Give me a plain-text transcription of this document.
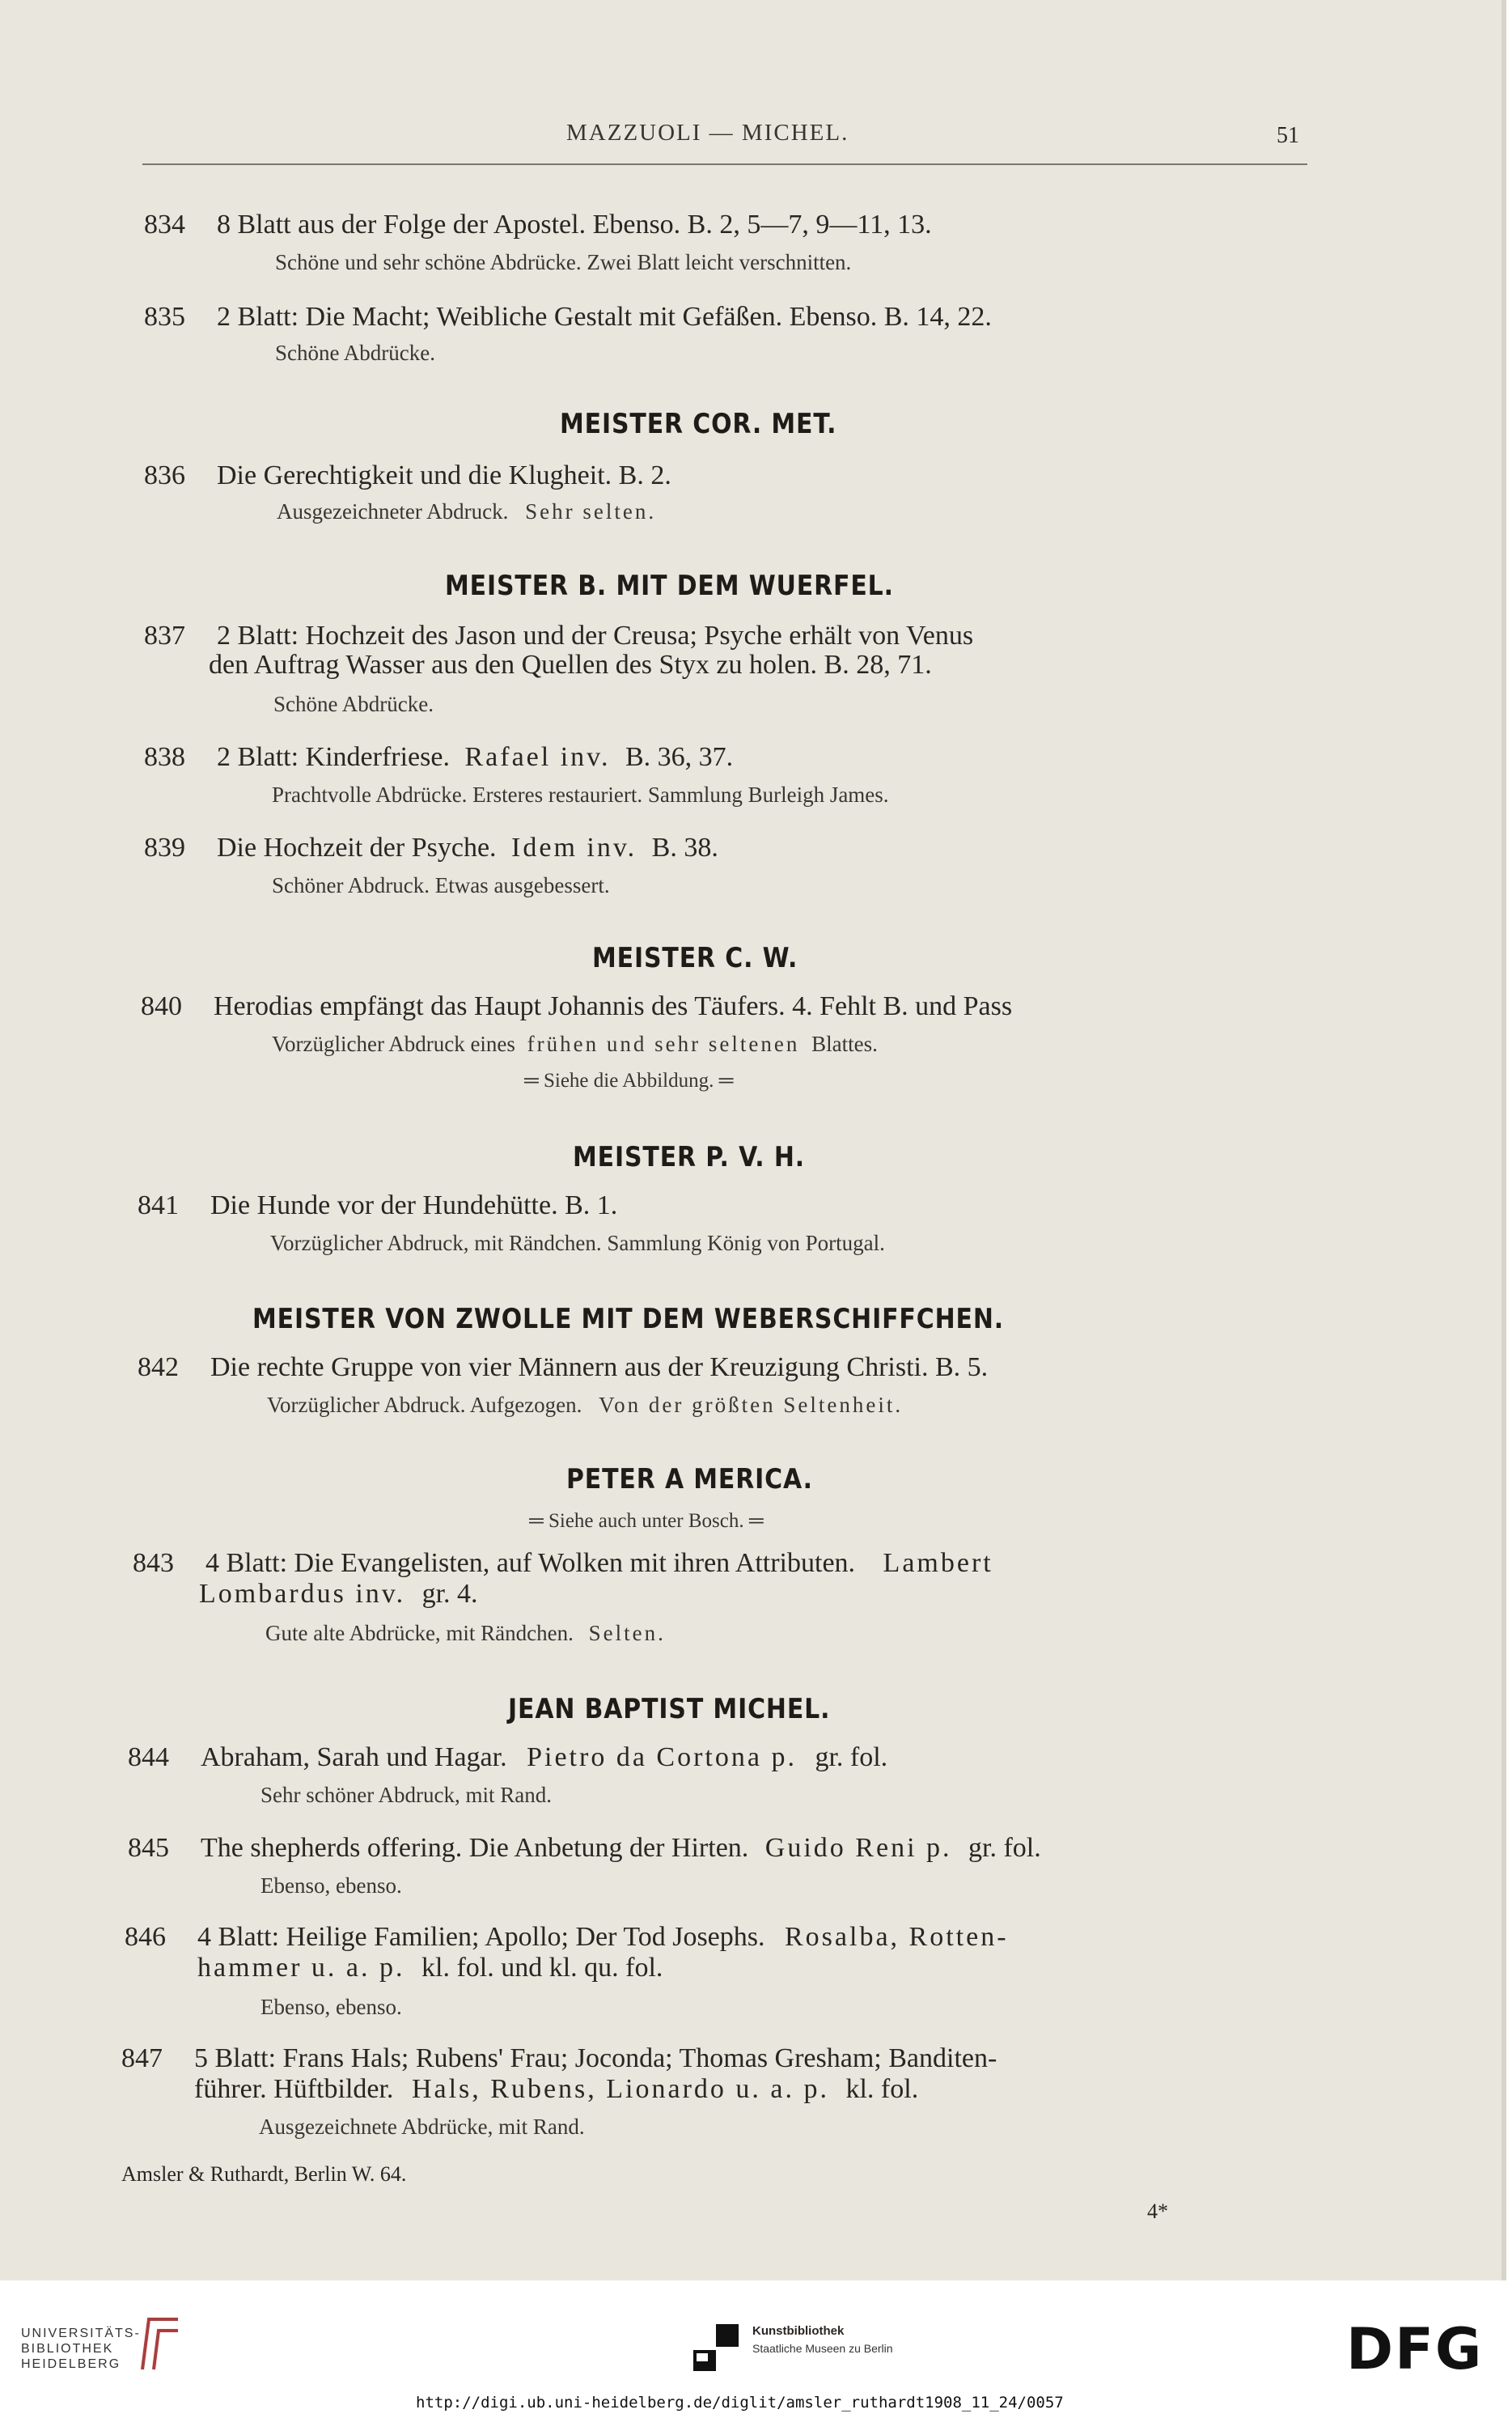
MAZZUOLI — MICHEL.	51
834	8 Blatt aus der Folge der Apostel. Ebenso. B. 2, 5—7, 9—11, 13.
Schöne und sehr schöne Abdrücke. Zwei Blatt leicht verschnitten.
835	2 Blatt: Die Macht; Weibliche Gestalt mit Gefäßen. Ebenso. B. 14, 22.
Schöne Abdrücke.
MEISTER COR. MET.
836	Die Gerechtigkeit und die Klugheit. B. 2.
Ausgezeichneter Abdruck. Sehr selten.
MEISTER B. MIT DEM WUERFEL.
837	2 Blatt: Hochzeit des Jason und der Creusa; Psyche erhält von Venus
den Auftrag Wasser aus den Quellen des Styx zu holen. B. 28, 71.
Schöne Abdrücke.
838	2 Blatt: Kinderfriese. Rafael inv. B. 36, 37.
Prachtvolle Abdrücke. Ersteres restauriert. Sammlung Burleigh James.
839	Die Hochzeit der Psyche. Idem inv. B. 38.
Schöner Abdruck. Etwas ausgebessert.
MEISTER C. W.
840	Herodias empfängt das Haupt Johannis des Täufers. 4. Fehlt B. und Pass
Vorzüglicher Abdruck eines frühen und sehr seltenen Blattes.
═ Siehe die Abbildung. ═
MEISTER P. V. H.
841	Die Hunde vor der Hundehütte. B. 1.
Vorzüglicher Abdruck, mit Rändchen. Sammlung König von Portugal.
MEISTER VON ZWOLLE MIT DEM WEBERSCHIFFCHEN.
842	Die rechte Gruppe von vier Männern aus der Kreuzigung Christi. B. 5.
Vorzüglicher Abdruck. Aufgezogen. Von der größten Seltenheit.
PETER A MERICA.
═ Siehe auch unter Bosch. ═
843	4 Blatt: Die Evangelisten, auf Wolken mit ihren Attributen. Lambert
Lombardus inv. gr. 4.
Gute alte Abdrücke, mit Rändchen. Selten.
JEAN BAPTIST MICHEL.
844	Abraham, Sarah und Hagar. Pietro da Cortona p. gr. fol.
Sehr schöner Abdruck, mit Rand.
845	The shepherds offering. Die Anbetung der Hirten. Guido Reni p. gr. fol.
Ebenso, ebenso.
846	4 Blatt: Heilige Familien; Apollo; Der Tod Josephs. Rosalba, Rotten-
hammer u. a. p. kl. fol. und kl. qu. fol.
Ebenso, ebenso.
847	5 Blatt: Frans Hals; Rubens' Frau; Joconda; Thomas Gresham; Banditen-
führer. Hüftbilder. Hals, Rubens, Lionardo u. a. p. kl. fol.
Ausgezeichnete Abdrücke, mit Rand.
Amsler & Ruthardt, Berlin W. 64.
4*
UNIVERSITÄTS-
BIBLIOTHEK
HEIDELBERG
Kunstbibliothek
Staatliche Museen zu Berlin	DFG
http://digi.ub.uni-heidelberg.de/diglit/amsler_ruthardt1908_11_24/0057
